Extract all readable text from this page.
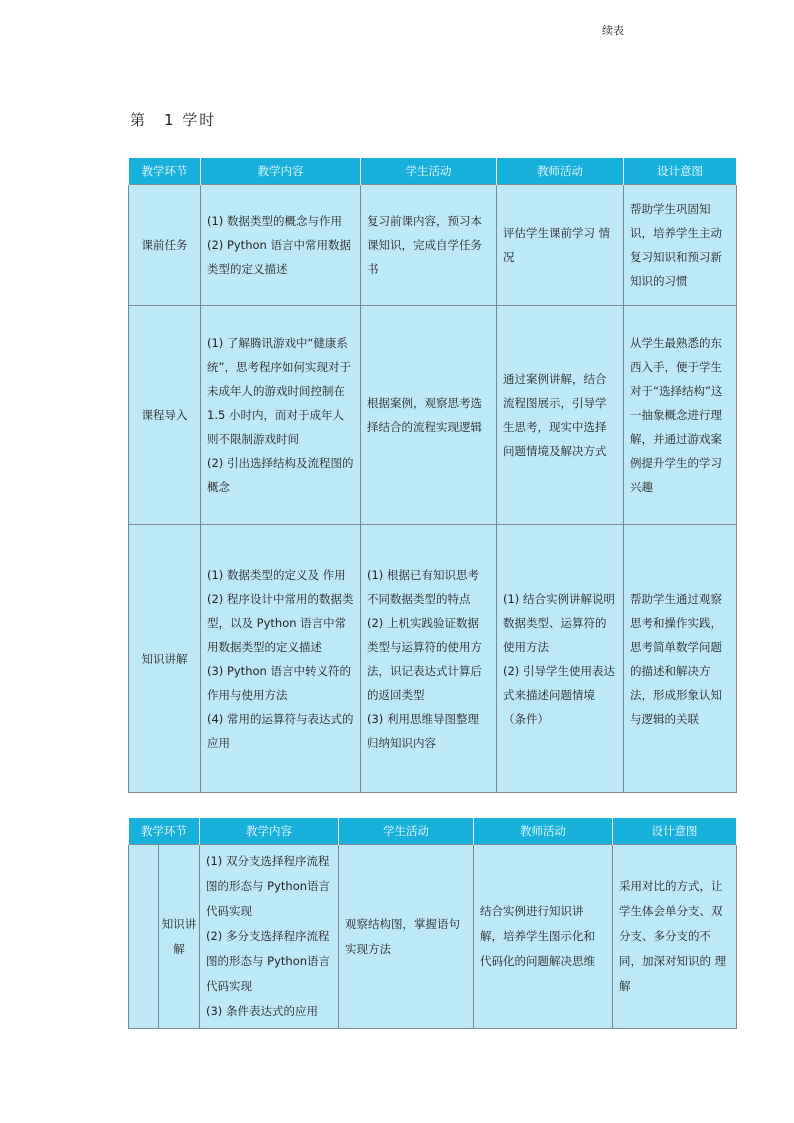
续表
第　1 学时
教学环节	教学内容	学生活动	教师活动	设计意图
课前任务	(1) 数据类型的概念与作用
(2) Python 语言中常用数据类型的定义描述	复习前课内容，预习本课知识，完成自学任务书	评估学生课前学习 情况	帮助学生巩固知 识，培养学生主动复习知识和预习新知识的习惯

课程导入	(1) 了解腾讯游戏中“健康系统”，思考程序如何实现对于未成年人的游戏时间控制在 1.5 小时内，而对于成年人则不限制游戏时间
(2) 引出选择结构及流程图的概念	根据案例，观察思考选择结合的流程实现逻辑	通过案例讲解，结合流程图展示，引导学生思考，现实中选择问题情境及解决方式	从学生最熟悉的东西入手，便于学生对于“选择结构”这一抽象概念进行理解，并通过游戏案例提升学生的学习兴趣

知识讲解	(1) 数据类型的定义及 作用
(2) 程序设计中常用的数据类型，以及 Python 语言中常用数据类型的定义描述
(3) Python 语言中转义符的作用与使用方法
(4) 常用的运算符与表达式的应用	(1) 根据已有知识思考不同数据类型的特点
(2) 上机实践验证数据类型与运算符的使用方法，识记表达式计算后的返回类型
(3) 利用思维导图整理归纳知识内容	(1) 结合实例讲解说明数据类型、运算符的使用方法
(2) 引导学生使用表达式来描述问题情境（条件）	帮助学生通过观察思考和操作实践，思考简单数学问题的描述和解决方 法，形成形象认知与逻辑的关联
教学环节		教学内容	学生活动	教师活动	设计意图
	知识讲解	(1) 双分支选择程序流程图的形态与 Python语言代码实现
(2) 多分支选择程序流程图的形态与 Python语言代码实现
(3) 条件表达式的应用	观察结构图，掌握语句实现方法	结合实例进行知识讲解，培养学生图示化和代码化的问题解决思维	采用对比的方式，让学生体会单分支、双分支、多分支的不同，加深对知识的 理解
